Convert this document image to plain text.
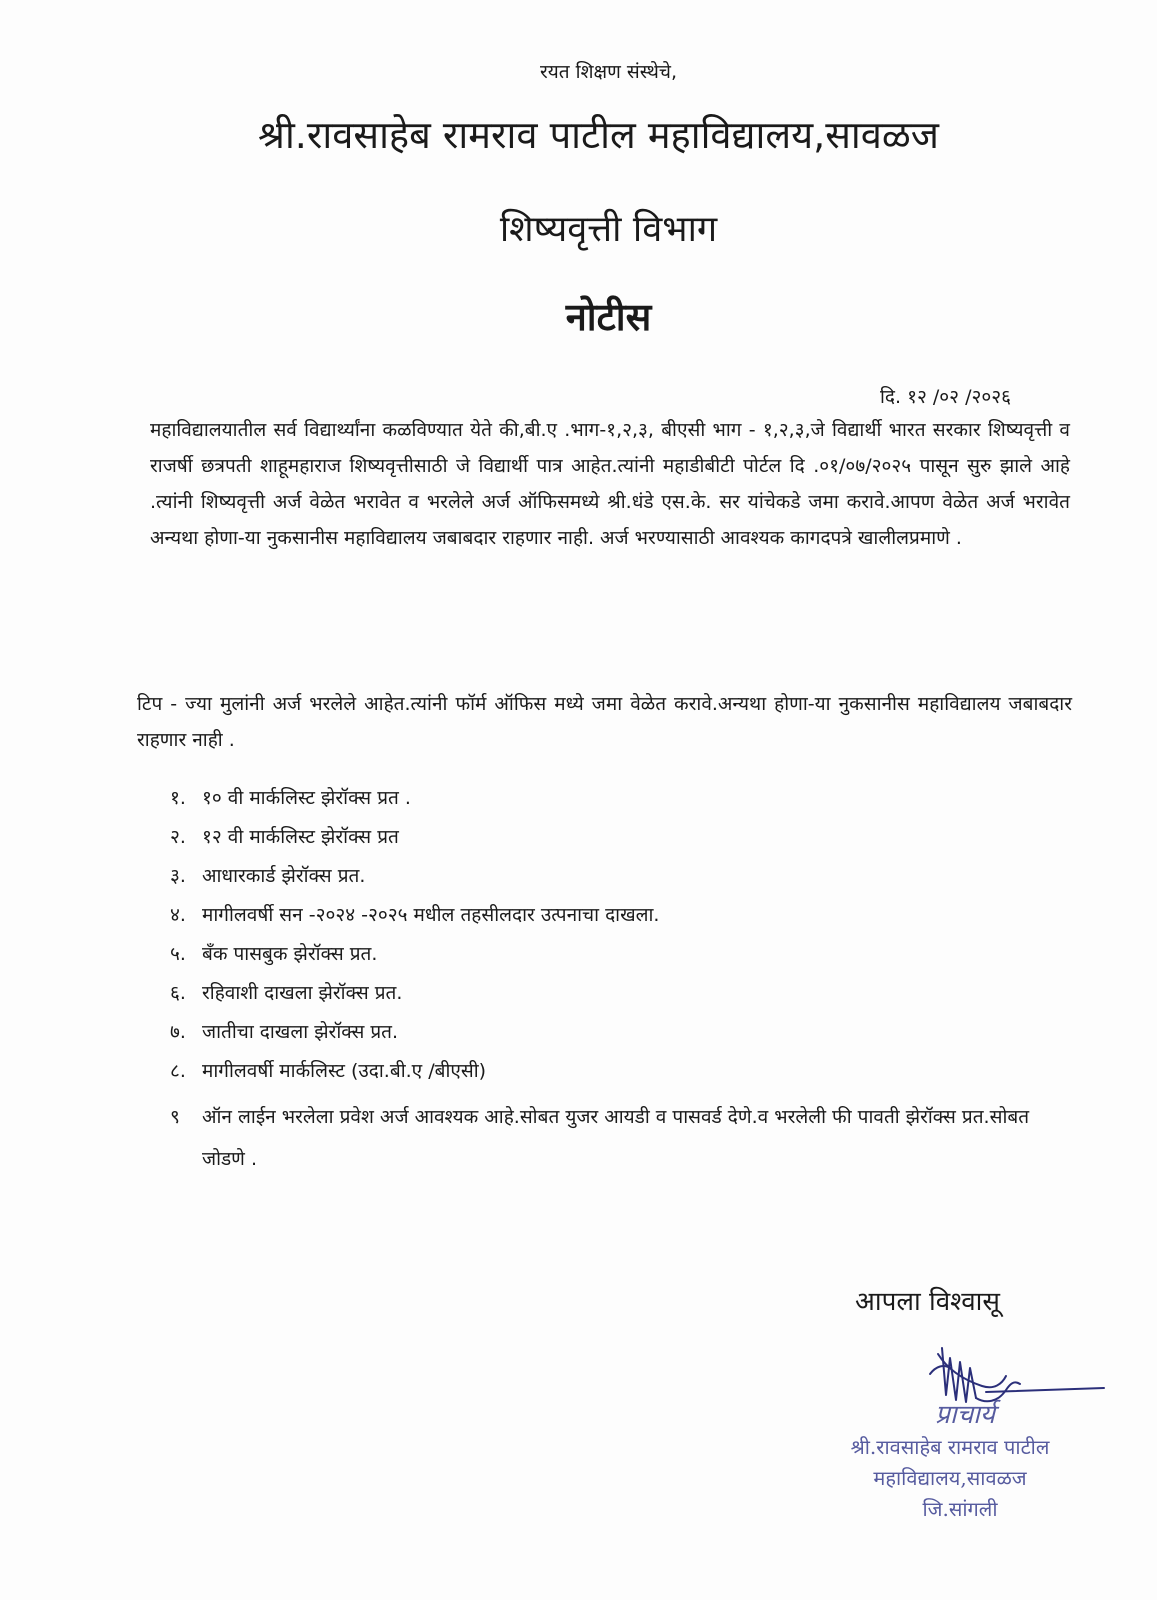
रयत शिक्षण संस्थेचे,
श्री.रावसाहेब रामराव पाटील महाविद्यालय,सावळज
शिष्यवृत्ती विभाग
नोटीस
दि. १२ /०२ /२०२६
महाविद्यालयातील सर्व विद्यार्थ्यांना कळविण्यात येते की,बी.ए .भाग-१,२,३, बीएसी भाग - १,२,३,जे विद्यार्थी भारत सरकार शिष्यवृत्ती व राजर्षी छत्रपती शाहूमहाराज शिष्यवृत्तीसाठी जे विद्यार्थी पात्र आहेत.त्यांनी महाडीबीटी पोर्टल दि .०१/०७/२०२५ पासून सुरु झाले आहे .त्यांनी शिष्यवृत्ती अर्ज वेळेत भरावेत व भरलेले अर्ज ऑफिसमध्ये श्री.धंडे एस.के. सर यांचेकडे जमा करावे.आपण वेळेत अर्ज भरावेत अन्यथा होणा-या नुकसानीस महाविद्यालय जबाबदार राहणार नाही. अर्ज भरण्यासाठी आवश्यक कागदपत्रे खालीलप्रमाणे .
टिप - ज्या मुलांनी अर्ज भरलेले आहेत.त्यांनी फॉर्म ऑफिस मध्ये जमा वेळेत करावे.अन्यथा होणा-या नुकसानीस महाविद्यालय जबाबदार राहणार नाही .
१. १० वी मार्कलिस्ट झेरॉक्स प्रत .
२. १२ वी मार्कलिस्ट झेरॉक्स प्रत
३. आधारकार्ड झेरॉक्स प्रत.
४. मागीलवर्षी सन -२०२४ -२०२५ मधील तहसीलदार उत्पनाचा दाखला.
५. बँक पासबुक झेरॉक्स प्रत.
६. रहिवाशी दाखला झेरॉक्स प्रत.
७. जातीचा दाखला झेरॉक्स प्रत.
८. मागीलवर्षी मार्कलिस्ट (उदा.बी.ए /बीएसी)
९	ऑन लाईन भरलेला प्रवेश अर्ज आवश्यक आहे.सोबत युजर आयडी व पासवर्ड देणे.व भरलेली फी पावती झेरॉक्स प्रत.सोबत जोडणे .
आपला विश्वासू
प्राचार्य
श्री.रावसाहेब रामराव पाटील
महाविद्यालय,सावळज
जि.सांगली
